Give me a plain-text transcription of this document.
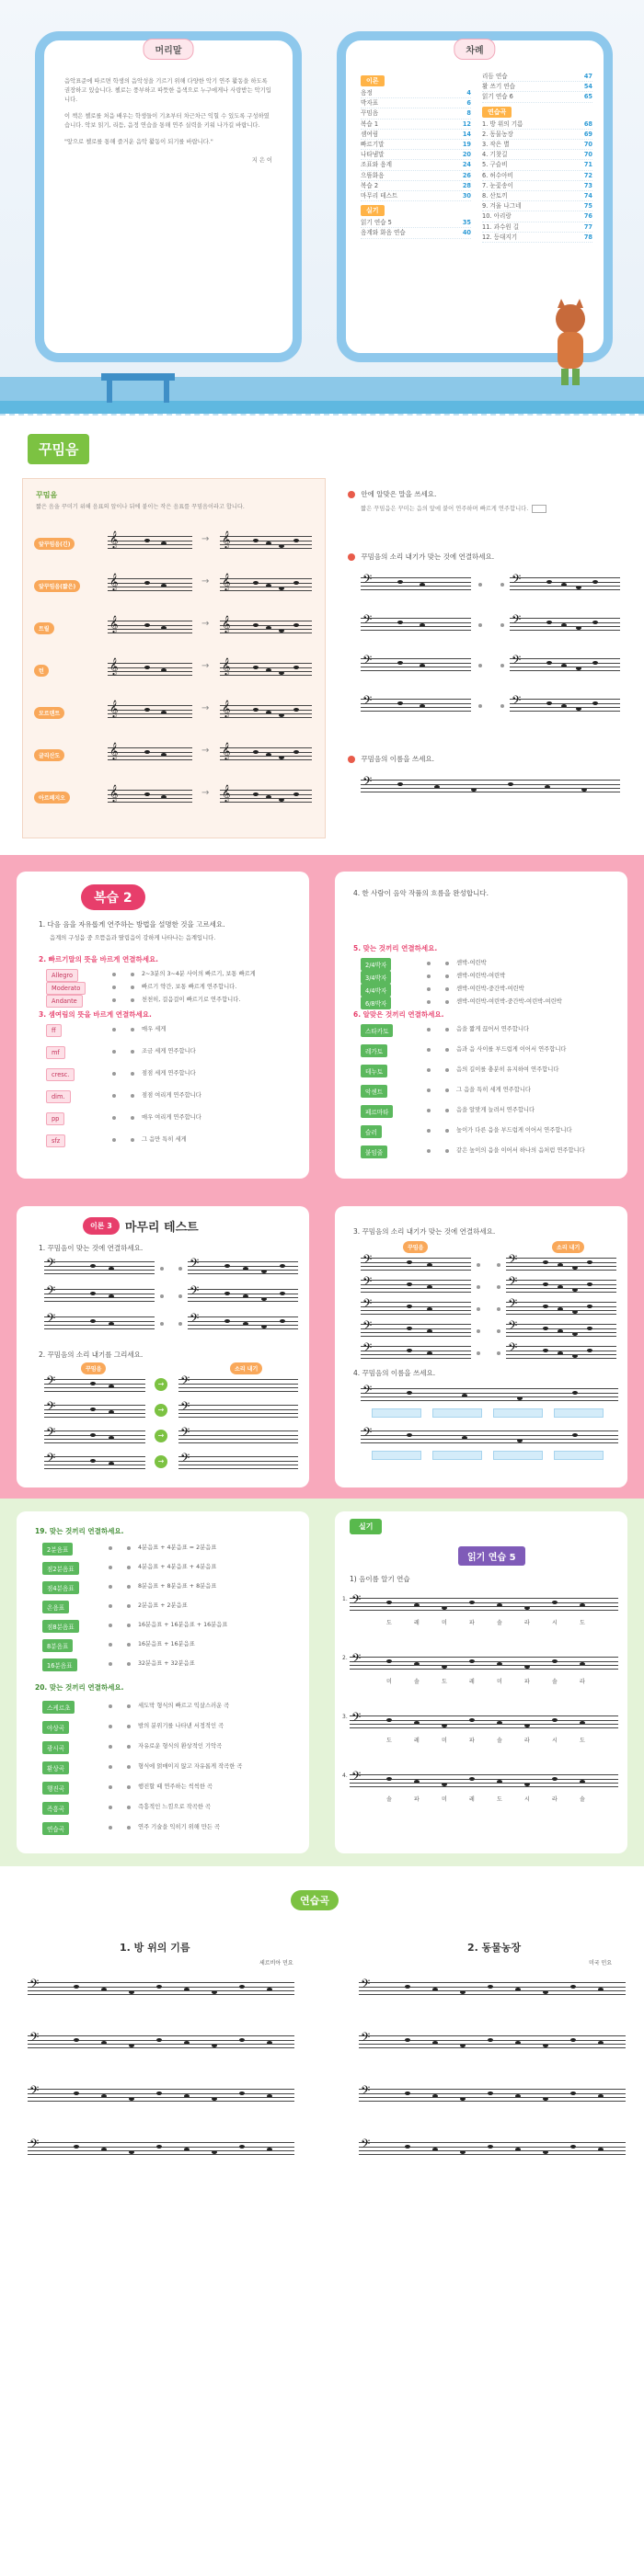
머리말

음악표준에 따르면 학생의 음악성을 기르기 위해 다양한 악기 연주 활동을 하도록 권장하고 있습니다. 첼로는 풍부하고 따뜻한 음색으로 누구에게나 사랑받는 악기입니다.

이 책은 첼로를 처음 배우는 학생들이 기초부터 차근차근 익힐 수 있도록 구성하였습니다. 악보 읽기, 리듬, 음정 연습을 통해 연주 실력을 키워 나가길 바랍니다.

"앞으로 첼로를 통해 즐거운 음악 활동이 되기를 바랍니다."

지 은 이

차례
이론
음정	4
박자표	6
꾸밈음	8
복습 1	12
셈여림	14
빠르기말	19
나타냄말	20
조표와 음계	24
으뜸화음	26
복습 2	28
마무리 테스트	30
실기
읽기 연습 5	35
음계와 화음 연습	40
리듬 연습	47
활 쓰기 연습	54
읽기 연습 6	65
연습곡
1. 방 위의 기름	68
2. 동물농장	69
3. 작은 별	70
4. 기찻길	70
5. 구슬비	71
6. 허수아비	72
7. 눈꽃송이	73
8. 산토끼	74
9. 겨울 나그네	75
10. 아리랑	76
11. 과수원 길	77
12. 등대지기	78
꾸밈음
꾸밈음
짧은 음을 꾸미기 위해 음표의 앞이나 뒤에 붙이는 작은 음표를 꾸밈음이라고 합니다.
앞꾸밈음(긴)	𝄞	→ 𝄞
앞꾸밈음(짧은)	𝄞	→ 𝄞
트릴	𝄞	→ 𝄞
턴	𝄞	→ 𝄞
모르덴트	𝄞	→ 𝄞
글리산도	𝄞	→ 𝄞
아르페지오	𝄞	→ 𝄞
안에 알맞은 말을 쓰세요.
짧은 꾸밈음은 꾸미는 음의 앞에 붙어 연주하며 빠르게 연주합니다.
꾸밈음의 소리 내기가 맞는 것에 연결하세요.
꾸밈음의 이름을 쓰세요.
𝄢	𝄢
𝄢	𝄢
𝄢	𝄢
𝄢	𝄢
𝄢
복습 2
1. 다음 음을 자유롭게 연주하는 방법을 설명한 것을 고르세요.
음계의 구성음 중 으뜸음과 딸림음이 강하게 나타나는 음계입니다.
2. 빠르기말의 뜻을 바르게 연결하세요.
3. 셈여림의 뜻을 바르게 연결하세요.
4. 한 사람이 음악 작품의 흐름을 완성합니다.
5. 맞는 것끼리 연결하세요.
6. 알맞은 것끼리 연결하세요.
Allegro	2~3분의 3~4분 사이의 빠르기, 보통 빠르게
Moderato	빠르기 약간, 보통 빠르게 연주합니다.
Andante	천천히, 걸음걸이 빠르기로 연주합니다.
ff	매우 세게
mf	조금 세게 연주합니다
cresc.	점점 세게 연주합니다
dim.	점점 여리게 연주합니다
pp	매우 여리게 연주합니다
sfz	그 음만 특히 세게
2/4박자	센박-여린박
3/4박자	센박-여린박-여린박
4/4박자	센박-여린박-중간박-여린박
6/8박자	센박-여린박-여린박-중간박-여린박-여린박
스타카토	음을 짧게 끊어서 연주합니다
레가토	음과 음 사이를 부드럽게 이어서 연주합니다
테누토	음의 길이를 충분히 유지하여 연주합니다
악센트	그 음을 특히 세게 연주합니다
페르마타	음을 알맞게 늘려서 연주합니다
슬러	높이가 다른 음을 부드럽게 이어서 연주합니다
붙임줄	같은 높이의 음을 이어서 하나의 음처럼 연주합니다
이론 3	마무리 테스트
1. 꾸밈음이 맞는 것에 연결하세요.
2. 꾸밈음의 소리 내기를 그리세요.
3. 꾸밈음의 소리 내기가 맞는 것에 연결하세요.
4. 꾸밈음의 이름을 쓰세요.
𝄢	𝄢
𝄢	𝄢
𝄢	𝄢
꾸밈음	소리 내기
𝄢	→ 𝄢
𝄢	→ 𝄢
𝄢	→ 𝄢
𝄢	→ 𝄢
꾸밈음	소리 내기
𝄢	𝄢
𝄢	𝄢
𝄢	𝄢
𝄢	𝄢
𝄢	𝄢
𝄢
𝄢
19. 맞는 것끼리 연결하세요.
20. 맞는 것끼리 연결하세요.
실기
읽기 연습 5
1) 음이름 알기 연습
2분음표	4분음표 + 4분음표 = 2분음표
점2분음표	4분음표 + 4분음표 + 4분음표
점4분음표	8분음표 + 8분음표 + 8분음표
온음표	2분음표 + 2분음표
점8분음표	16분음표 + 16분음표 + 16분음표
8분음표	16분음표 + 16분음표
16분음표	32분음표 + 32분음표
스케르초	세도막 형식의 빠르고 익살스러운 곡
야상곡	밤의 분위기를 나타낸 서정적인 곡
광시곡	자유로운 형식의 환상적인 기악곡
환상곡	형식에 얽매이지 않고 자유롭게 작곡한 곡
행진곡	행진할 때 연주하는 씩씩한 곡
즉흥곡	즉흥적인 느낌으로 작곡한 곡
연습곡	연주 기술을 익히기 위해 만든 곡
𝄢
1.
도	레	미	파	솔	라	시	도
𝄢
2.
미	솔	도	레	미	파	솔	라
𝄢
3.
도	레	미	파	솔	라	시	도
𝄢
4.
솔	파	미	레	도	시	라	솔
연습곡
1. 방 위의 기름
세르비아 민요
2. 동물농장
미국 민요
𝄢	𝄢
𝄢	𝄢
𝄢	𝄢
𝄢	𝄢
